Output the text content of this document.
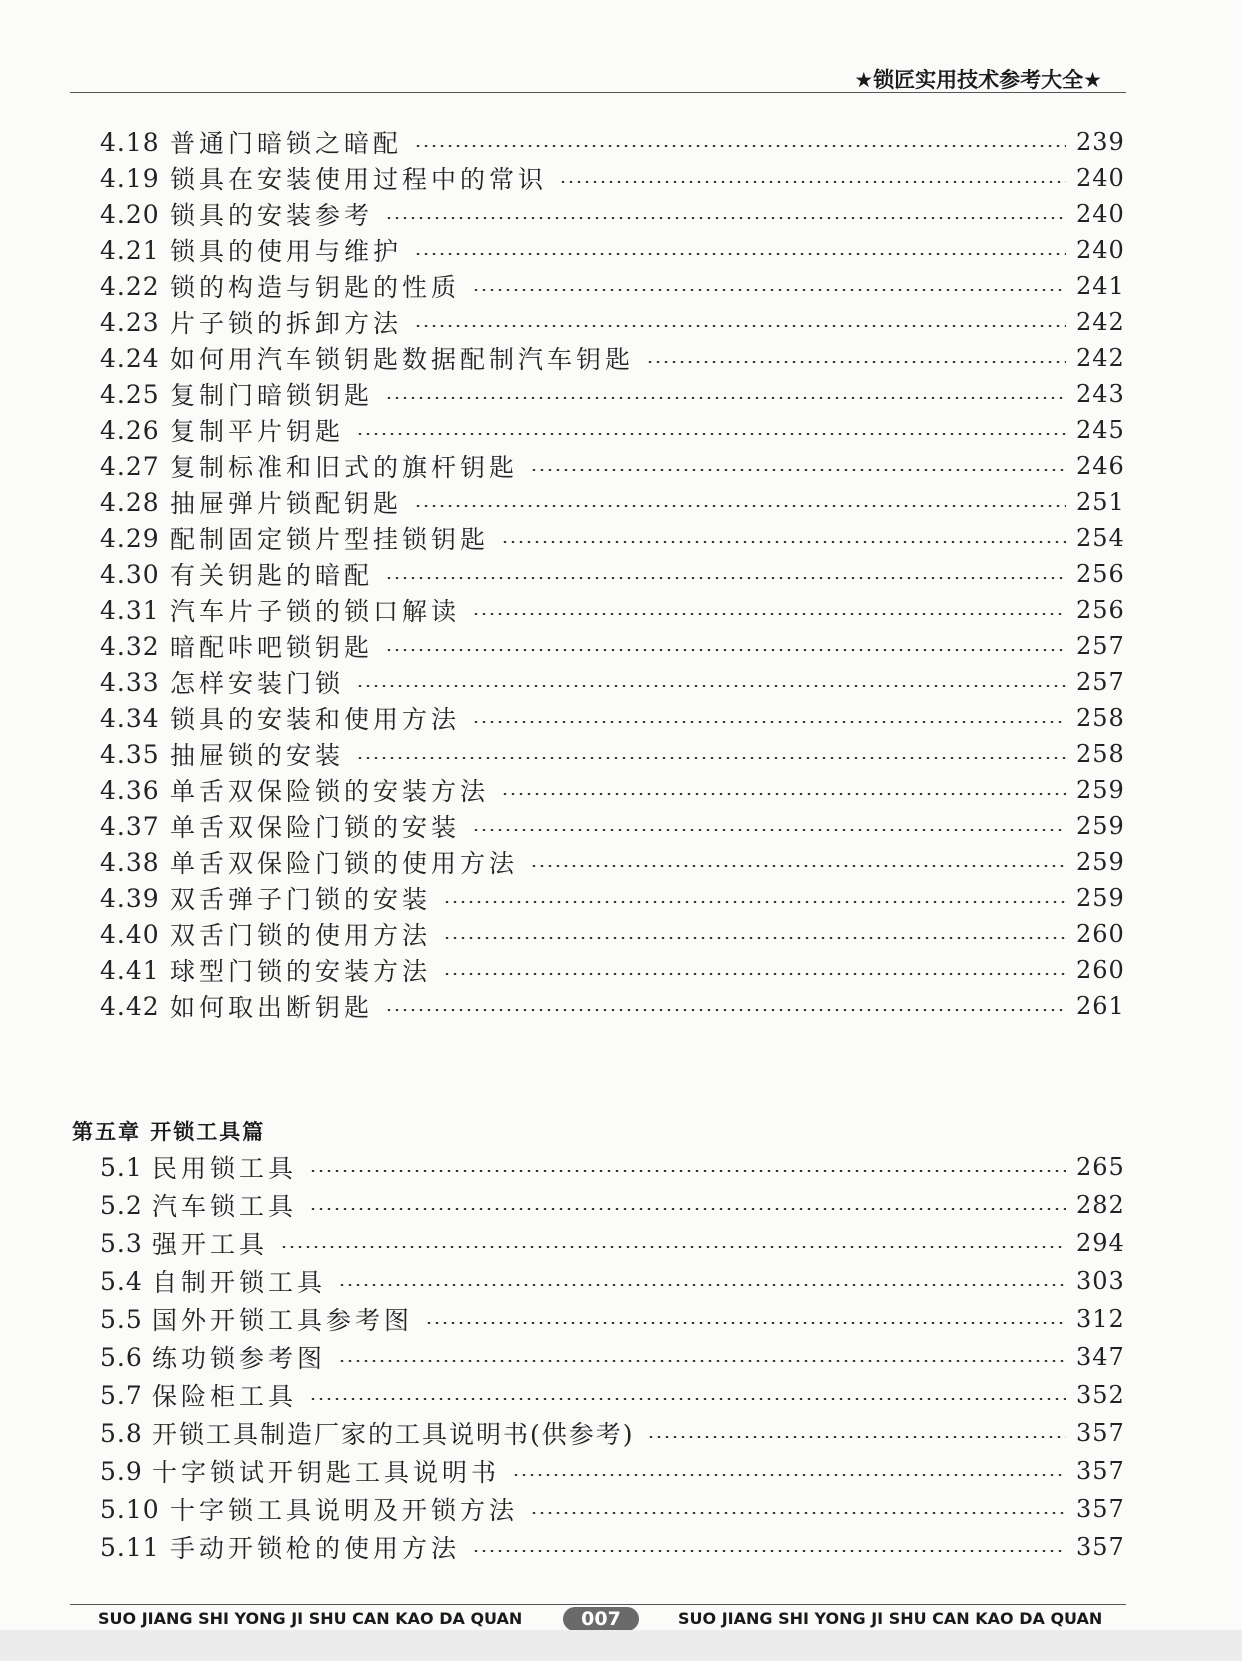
★锁匠实用技术参考大全★
4.18 普通门暗锁之暗配	239
4.19 锁具在安装使用过程中的常识	240
4.20 锁具的安装参考	240
4.21 锁具的使用与维护	240
4.22 锁的构造与钥匙的性质	241
4.23 片子锁的拆卸方法	242
4.24 如何用汽车锁钥匙数据配制汽车钥匙	242
4.25 复制门暗锁钥匙	243
4.26 复制平片钥匙	245
4.27 复制标准和旧式的旗杆钥匙	246
4.28 抽屉弹片锁配钥匙	251
4.29 配制固定锁片型挂锁钥匙	254
4.30 有关钥匙的暗配	256
4.31 汽车片子锁的锁口解读	256
4.32 暗配咔吧锁钥匙	257
4.33 怎样安装门锁	257
4.34 锁具的安装和使用方法	258
4.35 抽屉锁的安装	258
4.36 单舌双保险锁的安装方法	259
4.37 单舌双保险门锁的安装	259
4.38 单舌双保险门锁的使用方法	259
4.39 双舌弹子门锁的安装	259
4.40 双舌门锁的使用方法	260
4.41 球型门锁的安装方法	260
4.42 如何取出断钥匙	261
第五章 开锁工具篇
5.1 民用锁工具	265
5.2 汽车锁工具	282
5.3 强开工具	294
5.4 自制开锁工具	303
5.5 国外开锁工具参考图	312
5.6 练功锁参考图	347
5.7 保险柜工具	352
5.8 开锁工具制造厂家的工具说明书(供参考)	357
5.9 十字锁试开钥匙工具说明书	357
5.10 十字锁工具说明及开锁方法	357
5.11 手动开锁枪的使用方法	357
SUO JIANG SHI YONG JI SHU CAN KAO DA QUAN	007	SUO JIANG SHI YONG JI SHU CAN KAO DA QUAN
